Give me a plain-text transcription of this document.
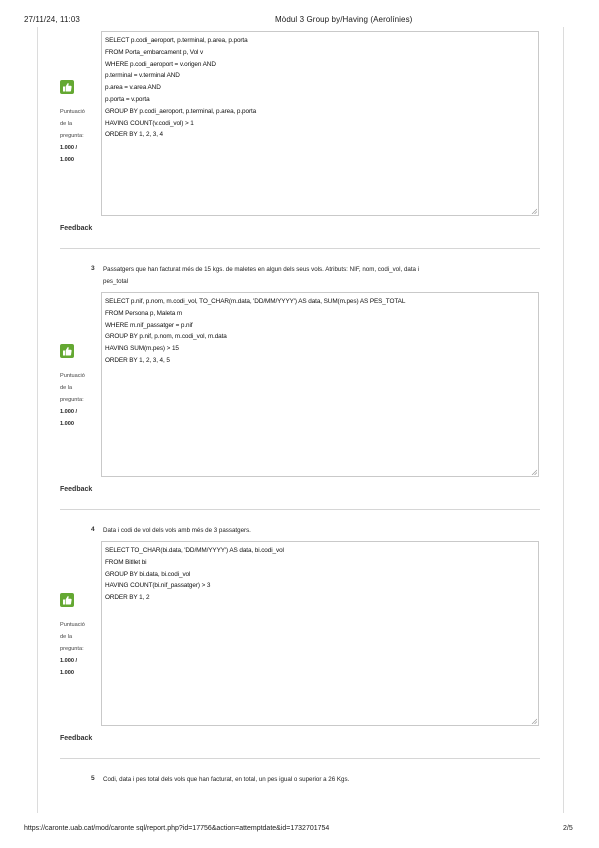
27/11/24, 11:03	Mòdul 3 Group by/Having (Aerolínies)
Puntuació
de la
pregunta:
1.000 /
1.000
SELECT p.codi_aeroport, p.terminal, p.area, p.porta
FROM Porta_embarcament p, Vol v
WHERE p.codi_aeroport = v.origen AND
p.terminal = v.terminal AND
p.area = v.area AND
p.porta = v.porta
GROUP BY p.codi_aeroport, p.terminal, p.area, p.porta
HAVING COUNT(v.codi_vol) > 1
ORDER BY 1, 2, 3, 4
Feedback
3 Passatgers que han facturat més de 15 kgs. de maletes en algun dels seus vols. Atributs: NIF, nom, codi_vol, data i
pes_total
Puntuació
de la
pregunta:
1.000 /
1.000
SELECT p.nif, p.nom, m.codi_vol, TO_CHAR(m.data, 'DD/MM/YYYY') AS data, SUM(m.pes) AS PES_TOTAL
FROM Persona p, Maleta m
WHERE m.nif_passatger = p.nif
GROUP BY p.nif, p.nom, m.codi_vol, m.data
HAVING SUM(m.pes) > 15
ORDER BY 1, 2, 3, 4, 5
Feedback
4 Data i codi de vol dels vols amb més de 3 passatgers.
Puntuació
de la
pregunta:
1.000 /
1.000
SELECT TO_CHAR(bi.data, 'DD/MM/YYYY') AS data, bi.codi_vol
FROM Bitllet bi
GROUP BY bi.data, bi.codi_vol
HAVING COUNT(bi.nif_passatger) > 3
ORDER BY 1, 2
Feedback
5 Codi, data i pes total dels vols que han facturat, en total, un pes igual o superior a 26 Kgs.
https://caronte.uab.cat/mod/caronte sql/report.php?id=17756&action=attemptdate&id=1732701754	2/5
